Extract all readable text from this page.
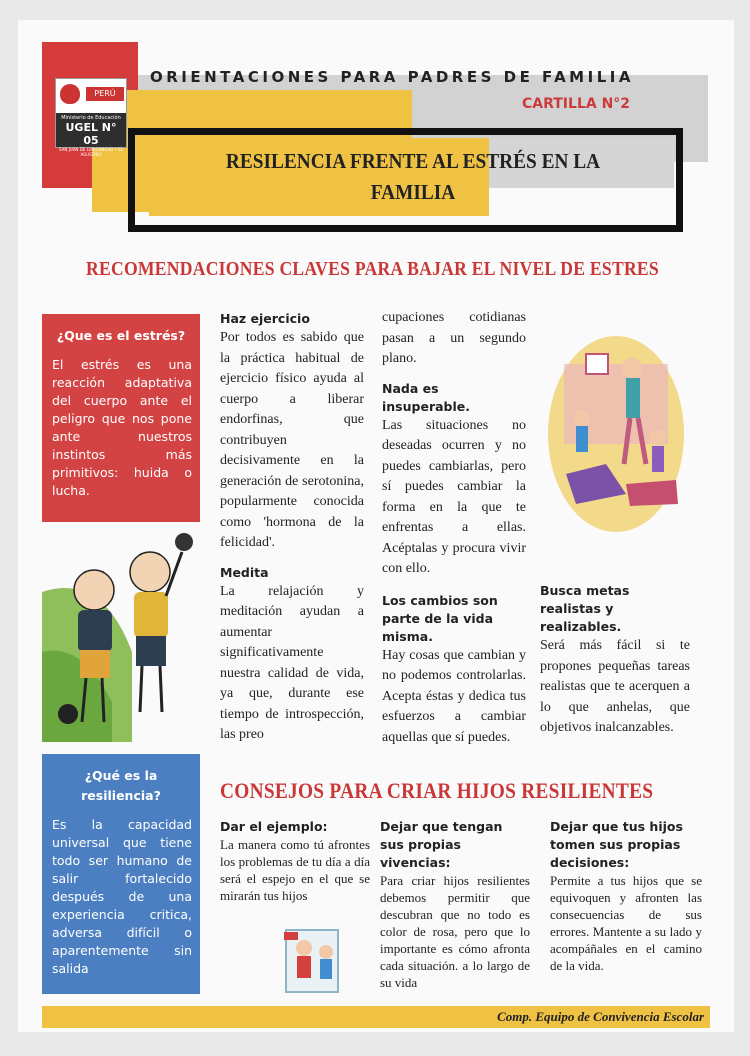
PERÚ
Ministerio de Educación
UGEL N° 05
SAN JUAN DE LURIGANCHO Y EL AGUSTINO
ORIENTACIONES PARA PADRES DE FAMILIA
CARTILLA N°2
RESILENCIA FRENTE AL ESTRÉS EN LA
FAMILIA
RECOMENDACIONES CLAVES PARA BAJAR EL NIVEL DE ESTRES
¿Que es el estrés?
El estrés es una reacción adaptativa del cuerpo ante el peligro que nos pone ante nuestros instintos más primitivos: huida o lucha.
¿Qué es la resiliencia?
Es la capacidad universal que tiene todo ser humano de salir fortalecido después de una experiencia critica, adversa difícil o aparentemente sin salida
Haz ejercicio
Por todos es sabido que la práctica habitual de ejercicio físico ayuda al cuerpo a liberar endorfinas, que contribuyen decisivamente en la generación de serotonina, popularmente conocida como 'hormona de la felicidad'.
Medita
La relajación y meditación ayudan a aumentar significativamente nuestra calidad de vida, ya que, durante ese tiempo de introspección, las preo
cupaciones cotidianas pasan a un segundo plano.
Nada es insuperable.
Las situaciones no deseadas ocurren y no puedes cambiarlas, pero sí puedes cambiar la forma en la que te enfrentas a ellas. Acéptalas y procura vivir con ello.
Los cambios son parte de la vida misma.
Hay cosas que cambian y no podemos controlarlas. Acepta éstas y dedica tus esfuerzos a cambiar aquellas que sí puedes.
Busca metas realistas y realizables.
Será más fácil si te propones pequeñas tareas realistas que te acerquen a lo que anhelas, que objetivos inalcanzables.
CONSEJOS PARA CRIAR HIJOS RESILIENTES
Dar el ejemplo:
La manera como tú afrontes los problemas de tu día a día será el espejo en el que se mirarán tus hijos
Dejar que tengan sus propias vivencias:
Para criar hijos resilientes debemos permitir que descubran que no todo es color de rosa, pero que lo importante es cómo afronta cada situación. a lo largo de su vida
Dejar que tus hijos tomen sus propias decisiones:
Permite a tus hijos que se equivoquen y afronten las consecuencias de sus errores. Mantente a su lado y acompáñales en el camino de la vida.
Comp. Equipo de Convivencia Escolar
